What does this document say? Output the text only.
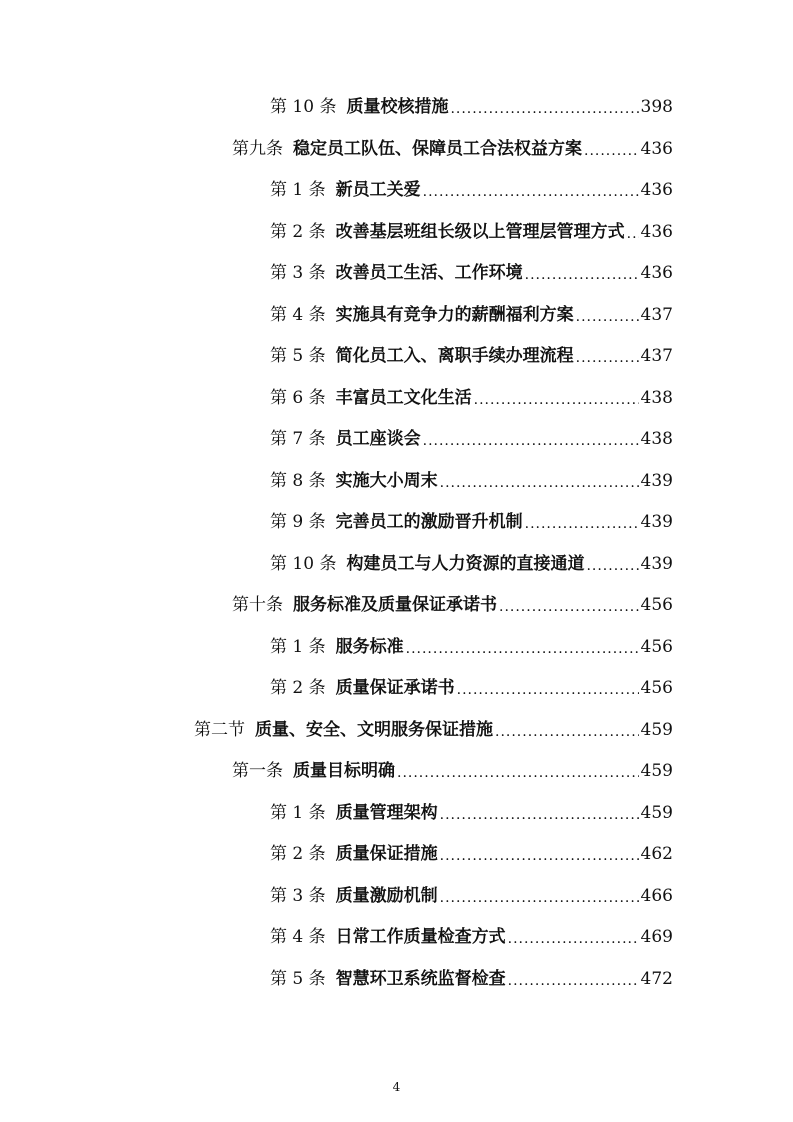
第 10 条 质量校核措施 .....	398
第九条 稳定员工队伍、保障员工合法权益方案 .....	436
第 1 条 新员工关爱 .....	436
第 2 条 改善基层班组长级以上管理层管理方式 ..... 436
第 3 条 改善员工生活、工作环境 .....	436
第 4 条 实施具有竞争力的薪酬福利方案 .....	437
第 5 条 简化员工入、离职手续办理流程 .....	437
第 6 条 丰富员工文化生活 .....	438
第 7 条 员工座谈会 .....	438
第 8 条 实施大小周末 .....	439
第 9 条 完善员工的激励晋升机制 .....	439
第 10 条 构建员工与人力资源的直接通道 .....	439
第十条 服务标准及质量保证承诺书 .....	456
第 1 条 服务标准 .....	456
第 2 条 质量保证承诺书 .....	456
第二节 质量、安全、文明服务保证措施 .....	459
第一条 质量目标明确 .....	459
第 1 条 质量管理架构 .....	459
第 2 条 质量保证措施 .....	462
第 3 条 质量激励机制 .....	466
第 4 条 日常工作质量检查方式 .....	469
第 5 条 智慧环卫系统监督检查 .....	472
4
